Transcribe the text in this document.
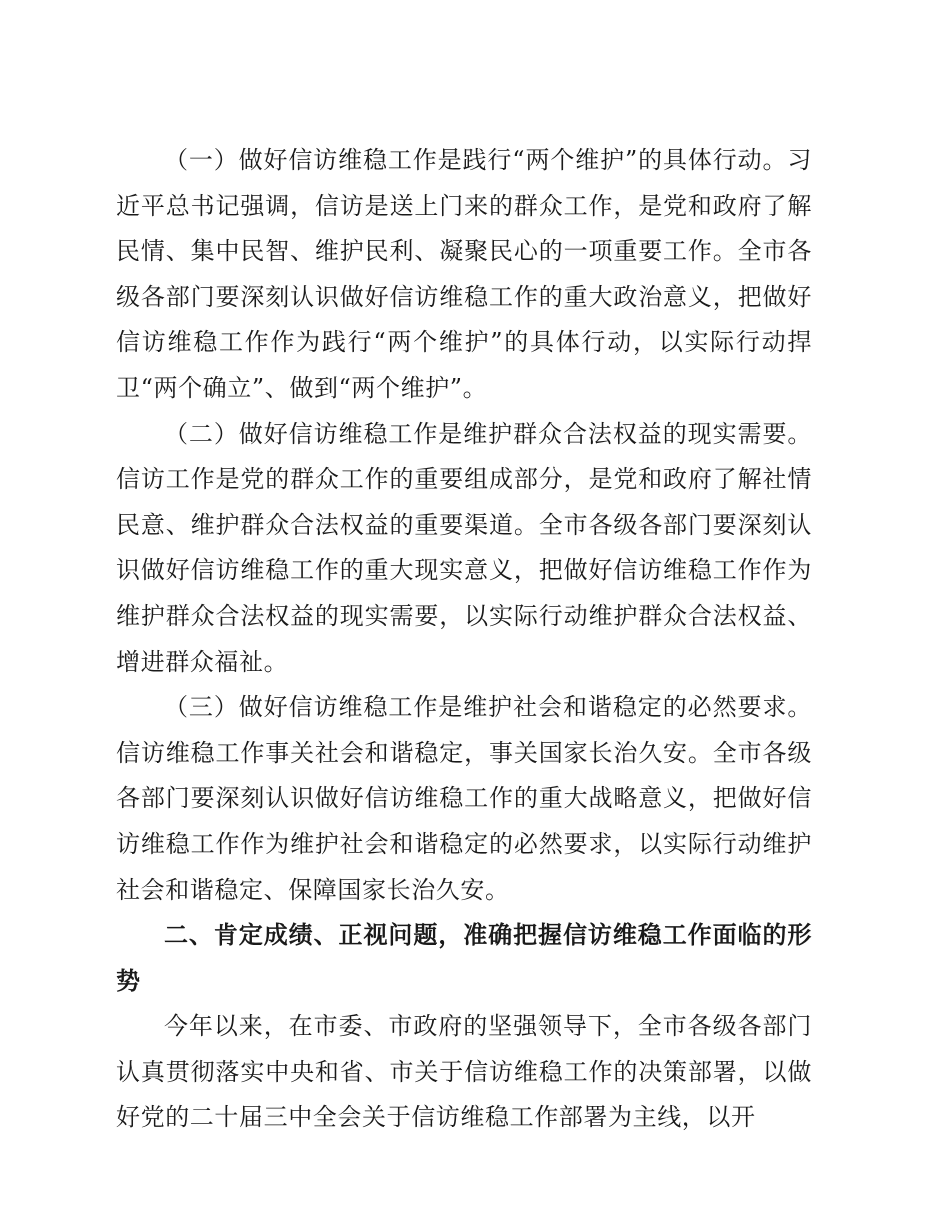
（一）做好信访维稳工作是践行“两个维护”的具体行动。习近平总书记强调，信访是送上门来的群众工作，是党和政府了解民情、集中民智、维护民利、凝聚民心的一项重要工作。全市各级各部门要深刻认识做好信访维稳工作的重大政治意义，把做好信访维稳工作作为践行“两个维护”的具体行动，以实际行动捍卫“两个确立”、做到“两个维护”。

（二）做好信访维稳工作是维护群众合法权益的现实需要。信访工作是党的群众工作的重要组成部分，是党和政府了解社情民意、维护群众合法权益的重要渠道。全市各级各部门要深刻认识做好信访维稳工作的重大现实意义，把做好信访维稳工作作为维护群众合法权益的现实需要，以实际行动维护群众合法权益、增进群众福祉。

（三）做好信访维稳工作是维护社会和谐稳定的必然要求。信访维稳工作事关社会和谐稳定，事关国家长治久安。全市各级各部门要深刻认识做好信访维稳工作的重大战略意义，把做好信访维稳工作作为维护社会和谐稳定的必然要求，以实际行动维护社会和谐稳定、保障国家长治久安。

二、肯定成绩、正视问题，准确把握信访维稳工作面临的形势

今年以来，在市委、市政府的坚强领导下，全市各级各部门认真贯彻落实中央和省、市关于信访维稳工作的决策部署，以做好党的二十届三中全会关于信访维稳工作部署为主线，以开
